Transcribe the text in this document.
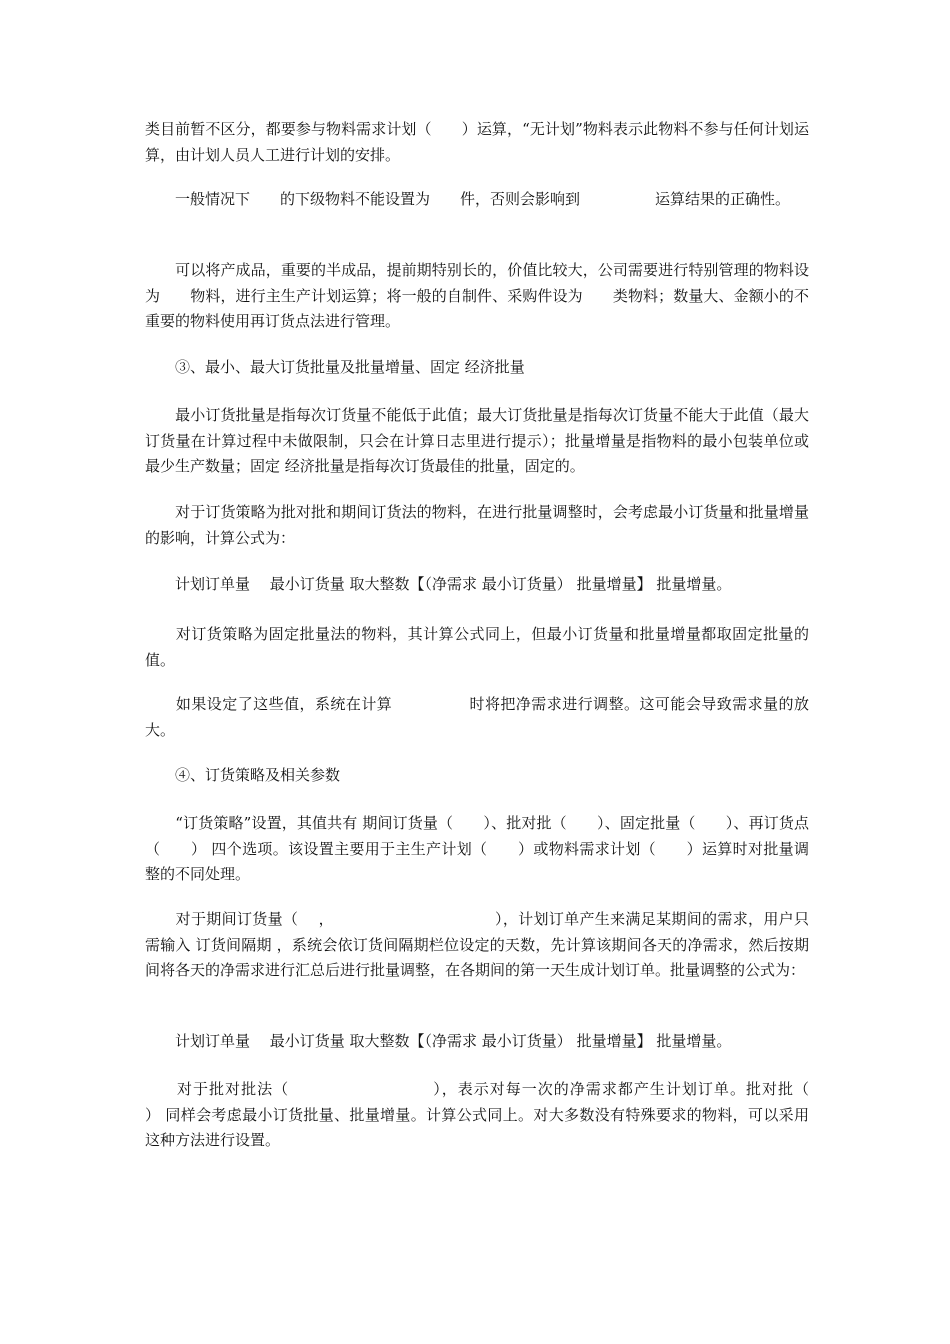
类目前暂不区分，都要参与物料需求计划（　　）运算，“无计划”物料表示此物料不参与任何计划运算，由计划人员人工进行计划的安排。

　　一般情况下　　的下级物料不能设置为　　件，否则会影响到　　　　　运算结果的正确性。

　　可以将产成品，重要的半成品，提前期特别长的，价值比较大，公司需要进行特别管理的物料设为　　物料，进行主生产计划运算；将一般的自制件、采购件设为　　类物料；数量大、金额小的不重要的物料使用再订货点法进行管理。

　　③、最小、最大订货批量及批量增量、固定 经济批量

　　最小订货批量是指每次订货量不能低于此值；最大订货批量是指每次订货量不能大于此值（最大订货量在计算过程中未做限制，只会在计算日志里进行提示）；批量增量是指物料的最小包装单位或最少生产数量；固定 经济批量是指每次订货最佳的批量，固定的。

　　对于订货策略为批对批和期间订货法的物料，在进行批量调整时，会考虑最小订货量和批量增量的影响，计算公式为：

　　计划订单量　 最小订货量 取大整数【（净需求 最小订货量） 批量增量】 批量增量。

　　对订货策略为固定批量法的物料，其计算公式同上，但最小订货量和批量增量都取固定批量的值。

　　如果设定了这些值，系统在计算　　　　　时将把净需求进行调整。这可能会导致需求量的放大。

　　④、订货策略及相关参数

　　“订货策略”设置，其值共有 期间订货量（　　）、批对批（　　）、固定批量（　　）、再订货点（　　） 四个选项。该设置主要用于主生产计划（　　）或物料需求计划（　　）运算时对批量调整的不同处理。

　　对于期间订货量（　 ，　　　　　　　　　　　），计划订单产生来满足某期间的需求，用户只需输入 订货间隔期 ，系统会依订货间隔期栏位设定的天数，先计算该期间各天的净需求，然后按期间将各天的净需求进行汇总后进行批量调整，在各期间的第一天生成计划订单。批量调整的公式为：

　　计划订单量　 最小订货量 取大整数【（净需求 最小订货量） 批量增量】 批量增量。

　　对于批对批法（　　　　　　　　　），表示对每一次的净需求都产生计划订单。批对批（　　） 同样会考虑最小订货批量、批量增量。计算公式同上。对大多数没有特殊要求的物料，可以采用这种方法进行设置。
